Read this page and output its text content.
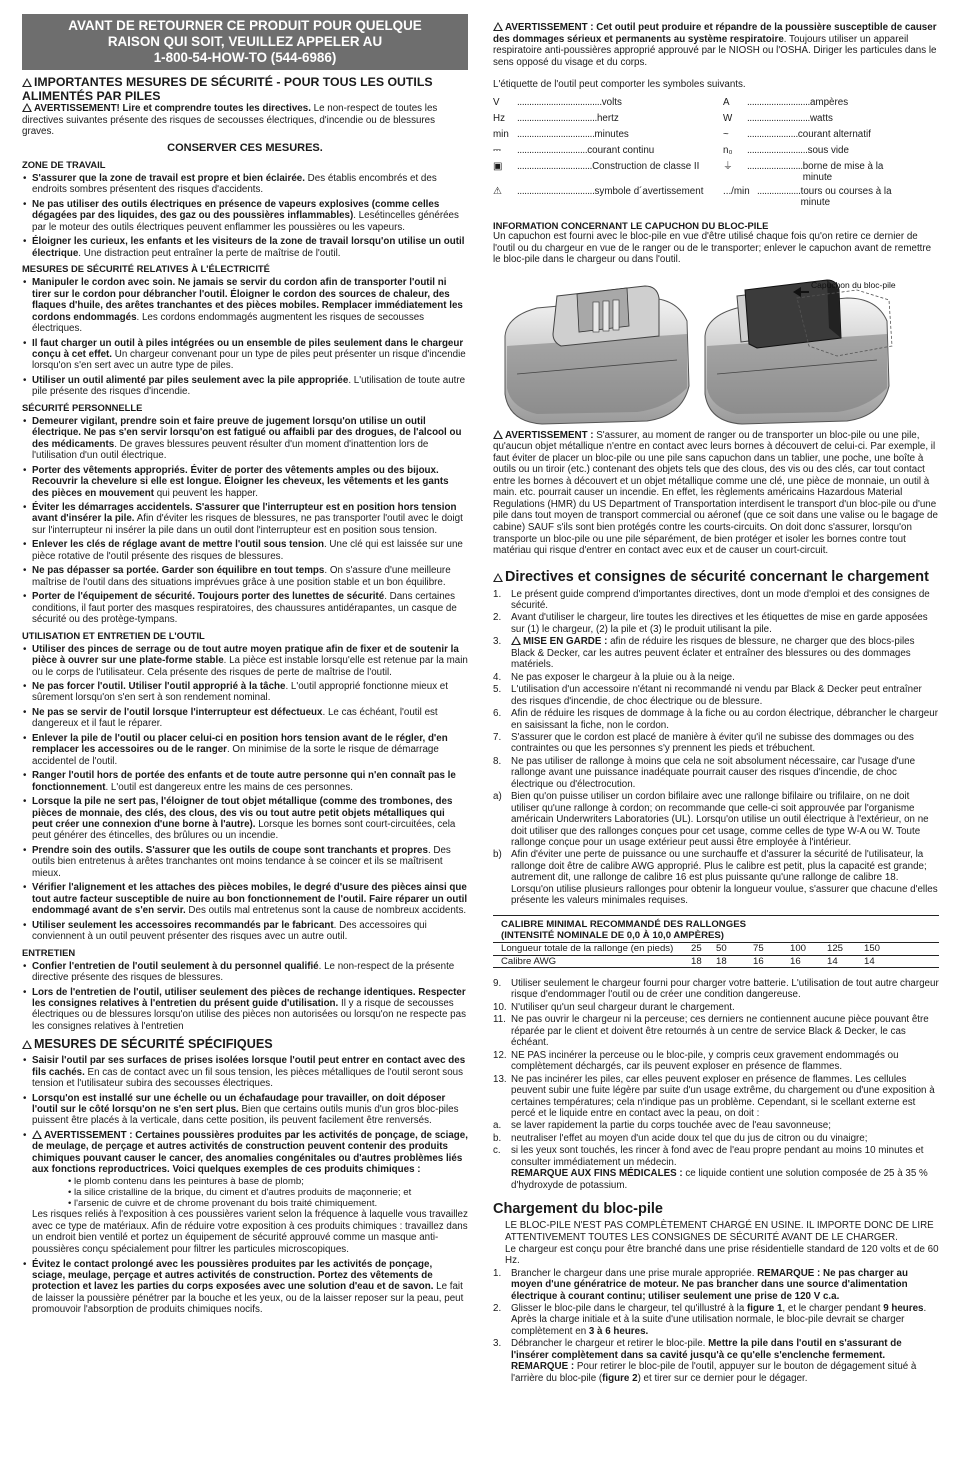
AVANT DE RETOURNER CE PRODUIT POUR QUELQUE
RAISON QUI SOIT, VEUILLEZ APPELER AU
1-800-54-HOW-TO (544-6986)
IMPORTANTES MESURES DE SÉCURITÉ - POUR TOUS LES OUTILS ALIMENTÉS PAR PILES

AVERTISSEMENT! Lire et comprendre toutes les directives. Le non-respect de toutes les directives suivantes présente des risques de secousses électriques, d'incendie ou de blessures graves.

CONSERVER CES MESURES.
ZONE DE TRAVAIL
• S'assurer que la zone de travail est propre et bien éclairée. Des établis encombrés et des endroits sombres présentent des risques d'accidents.
• Ne pas utiliser des outils électriques en présence de vapeurs explosives (comme celles dégagées par des liquides, des gaz ou des poussières inflammables). Lesétincelles générées par le moteur des outils électriques peuvent enflammer les poussières ou les vapeurs.
• Éloigner les curieux, les enfants et les visiteurs de la zone de travail lorsqu'on utilise un outil électrique. Une distraction peut entraîner la perte de maîtrise de l'outil.
MESURES DE SÉCURITÉ RELATIVES À L'ÉLECTRICITÉ
• Manipuler le cordon avec soin. Ne jamais se servir du cordon afin de transporter l'outil ni tirer sur le cordon pour débrancher l'outil. Éloigner le cordon des sources de chaleur, des flaques d'huile, des arêtes tranchantes et des pièces mobiles. Remplacer immédiatement les cordons endommagés. Les cordons endommagés augmentent les risques de secousses électriques.
• Il faut charger un outil à piles intégrées ou un ensemble de piles seulement dans le chargeur conçu à cet effet. Un chargeur convenant pour un type de piles peut présenter un risque d'incendie lorsqu'on s'en sert avec un autre type de piles.
• Utiliser un outil alimenté par piles seulement avec la pile appropriée. L'utilisation de toute autre pile présente des risques d'incendie.
SÉCURITÉ PERSONNELLE
• Demeurer vigilant, prendre soin et faire preuve de jugement lorsqu'on utilise un outil électrique. Ne pas s'en servir lorsqu'on est fatigué ou affaibli par des drogues, de l'alcool ou des médicaments. De graves blessures peuvent résulter d'un moment d'inattention lors de l'utilisation d'un outil électrique.
• Porter des vêtements appropriés. Éviter de porter des vêtements amples ou des bijoux. Recouvrir la chevelure si elle est longue. Éloigner les cheveux, les vêtements et les gants des pièces en mouvement qui peuvent les happer.
• Éviter les démarrages accidentels. S'assurer que l'interrupteur est en position hors tension avant d'insérer la pile. Afin d'éviter les risques de blessures, ne pas transporter l'outil avec le doigt sur l'interrupteur ni insérer la pile dans un outil dont l'interrupteur est en position sous tension.
• Enlever les clés de réglage avant de mettre l'outil sous tension. Une clé qui est laissée sur une pièce rotative de l'outil présente des risques de blessures.
• Ne pas dépasser sa portée. Garder son équilibre en tout temps. On s'assure d'une meilleure maîtrise de l'outil dans des situations imprévues grâce à une position stable et un bon équilibre.
• Porter de l'équipement de sécurité. Toujours porter des lunettes de sécurité. Dans certaines conditions, il faut porter des masques respiratoires, des chaussures antidérapantes, un casque de sécurité ou des protège-tympans.
UTILISATION ET ENTRETIEN DE L'OUTIL
• Utiliser des pinces de serrage ou de tout autre moyen pratique afin de fixer et de soutenir la pièce à ouvrer sur une plate-forme stable. La pièce est instable lorsqu'elle est retenue par la main ou le corps de l'utilisateur. Cela présente des risques de perte de maîtrise de l'outil.
• Ne pas forcer l'outil. Utiliser l'outil approprié à la tâche. L'outil approprié fonctionne mieux et sûrement lorsqu'on s'en sert à son rendement nominal.
• Ne pas se servir de l'outil lorsque l'interrupteur est défectueux. Le cas échéant, l'outil est dangereux et il faut le réparer.
• Enlever la pile de l'outil ou placer celui-ci en position hors tension avant de le régler, d'en remplacer les accessoires ou de le ranger. On minimise de la sorte le risque de démarrage accidentel de l'outil.
• Ranger l'outil hors de portée des enfants et de toute autre personne qui n'en connaît pas le fonctionnement. L'outil est dangereux entre les mains de ces personnes.
• Lorsque la pile ne sert pas, l'éloigner de tout objet métallique (comme des trombones, des pièces de monnaie, des clés, des clous, des vis ou tout autre petit objets métalliques qui peut créer une connexion d'une borne à l'autre). Lorsque les bornes sont court-circuitées, cela peut générer des étincelles, des brûlures ou un incendie.
• Prendre soin des outils. S'assurer que les outils de coupe sont tranchants et propres. Des outils bien entretenus à arêtes tranchantes ont moins tendance à se coincer et ils se maîtrisent mieux.
• Vérifier l'alignement et les attaches des pièces mobiles, le degré d'usure des pièces ainsi que tout autre facteur susceptible de nuire au bon fonctionnement de l'outil. Faire réparer un outil endommagé avant de s'en servir. Des outils mal entretenus sont la cause de nombreux accidents.
• Utiliser seulement les accessoires recommandés par le fabricant. Des accessoires qui conviennent à un outil peuvent présenter des risques avec un autre outil.
ENTRETIEN
• Confier l'entretien de l'outil seulement à du personnel qualifié. Le non-respect de la présente directive présente des risques de blessures.
• Lors de l'entretien de l'outil, utiliser seulement des pièces de rechange identiques. Respecter les consignes relatives à l'entretien du présent guide d'utilisation. Il y a risque de secousses électriques ou de blessures lorsqu'on utilise des pièces non autorisées ou lorsqu'on ne respecte pas les consignes relatives à l'entretien
MESURES DE SÉCURITÉ SPÉCIFIQUES
• Saisir l'outil par ses surfaces de prises isolées lorsque l'outil peut entrer en contact avec des fils cachés. En cas de contact avec un fil sous tension, les pièces métalliques de l'outil seront sous tension et l'utilisateur subira des secousses électriques.
• Lorsqu'on est installé sur une échelle ou un échafaudage pour travailler, on doit déposer l'outil sur le côté lorsqu'on ne s'en sert plus. Bien que certains outils munis d'un gros bloc-piles puissent être placés à la verticale, dans cette position, ils peuvent facilement être renversés.
• AVERTISSEMENT : Certaines poussières produites par les activités de ponçage, de sciage, de meulage, de perçage et autres activités de construction peuvent contenir des produits chimiques pouvant causer le cancer, des anomalies congénitales ou d'autres problèmes liés aux fonctions reproductrices. Voici quelques exemples de ces produits chimiques :
• le plomb contenu dans les peintures à base de plomb;
• la silice cristalline de la brique, du ciment et d'autres produits de maçonnerie; et
• l'arsenic de cuivre et de chrome provenant du bois traité chimiquement.

Les risques reliés à l'exposition à ces poussières varient selon la fréquence à laquelle vous travaillez avec ce type de matériaux. Afin de réduire votre exposition à ces produits chimiques : travaillez dans un endroit bien ventilé et portez un équipement de sécurité approuvé comme un masque anti-poussières conçu spécialement pour filtrer les particules microscopiques.

• Évitez le contact prolongé avec les poussières produites par les activités de ponçage, sciage, meulage, perçage et autres activités de construction. Portez des vêtements de protection et lavez les parties du corps exposées avec une solution d'eau et de savon. Le fait de laisser la poussière pénétrer par la bouche et les yeux, ou de la laisser reposer sur la peau, peut promouvoir l'absorption de produits chimiques nocifs.

AVERTISSEMENT : Cet outil peut produire et répandre de la poussière susceptible de causer des dommages sérieux et permanents au système respiratoire. Toujours utiliser un appareil respiratoire anti-poussières approprié approuvé par le NIOSH ou l'OSHA. Diriger les particules dans le sens opposé du visage et du corps.

L'étiquette de l'outil peut comporter les symboles suivants.

V	................................... volts	A	.......................... ampères
Hz	................................. hertz	W	.......................... watts
min ................................ minutes	~	..................... courant alternatif
⎓	............................. courant continu	n₀	......................... sous vide
▣	............................... Construction de classe II ⏚	....................... borne de mise à la minute
⚠	................................ symbole d´avertissement .../min .................. tours ou courses à la minute
INFORMATION CONCERNANT LE CAPUCHON DU BLOC-PILE

Un capuchon est fourni avec le bloc-pile en vue d'être utilisé chaque fois qu'on retire ce dernier de l'outil ou du chargeur en vue de le ranger ou de le transporter; enlever le capuchon avant de remettre le bloc-pile dans le chargeur ou dans l'outil.

Capuchon du bloc-pile

AVERTISSEMENT : S'assurer, au moment de ranger ou de transporter un bloc-pile ou une pile, qu'aucun objet métallique n'entre en contact avec leurs bornes à découvert de celui-ci. Par exemple, il faut éviter de placer un bloc-pile ou une pile sans capuchon dans un tablier, une poche, une boîte à outils ou un tiroir (etc.) contenant des objets tels que des clous, des vis ou des clés, car tout contact entre les bornes à découvert et un objet métallique comme une clé, une pièce de monnaie, un outil à main. etc. pourrait causer un incendie. En effet, les règlements américains Hazardous Material Regulations (HMR) du US Department of Transportation interdisent le transport d'un bloc-pile ou d'une pile dans tout moyen de transport commercial ou aéronef (que ce soit dans une valise ou le bagage de cabine) SAUF s'ils sont bien protégés contre les courts-circuits. On doit donc s'assurer, lorsqu'on transporte un bloc-pile ou une pile séparément, de bien protéger et isoler les bornes contre tout matériau qui risque d'entrer en contact avec eux et de causer un court-circuit.

Directives et consignes de sécurité concernant le chargement
1. Le présent guide comprend d'importantes directives, dont un mode d'emploi et des consignes de sécurité.
2. Avant d'utiliser le chargeur, lire toutes les directives et les étiquettes de mise en garde apposées sur (1) le chargeur, (2) la pile et (3) le produit utilisant la pile.
3. MISE EN GARDE : afin de réduire les risques de blessure, ne charger que des blocs-piles Black & Decker, car les autres peuvent éclater et entraîner des blessures ou des dommages matériels.
4. Ne pas exposer le chargeur à la pluie ou à la neige.
5. L'utilisation d'un accessoire n'étant ni recommandé ni vendu par Black & Decker peut entraîner des risques d'incendie, de choc électrique ou de blessure.
6. Afin de réduire les risques de dommage à la fiche ou au cordon électrique, débrancher le chargeur en saisissant la fiche, non le cordon.
7. S'assurer que le cordon est placé de manière à éviter qu'il ne subisse des dommages ou des contraintes ou que les personnes s'y prennent les pieds et trébuchent.
8. Ne pas utiliser de rallonge à moins que cela ne soit absolument nécessaire, car l'usage d'une rallonge avant une puissance inadéquate pourrait causer des risques d'incendie, de choc électrique ou d'électrocution.
a) Bien qu'on puisse utiliser un cordon bifilaire avec une rallonge bifilaire ou trifilaire, on ne doit utiliser qu'une rallonge à cordon; on recommande que celle-ci soit approuvée par l'organisme américain Underwriters Laboratories (UL). Lorsqu'on utilise un outil électrique à l'extérieur, on ne doit utiliser que des rallonges conçues pour cet usage, comme celles de type W-A ou W. Toute rallonge conçue pour un usage extérieur peut aussi être employée à l'intérieur.
b) Afin d'éviter une perte de puissance ou une surchauffe et d'assurer la sécurité de l'utilisateur, la rallonge doit être de calibre AWG approprié. Plus le calibre est petit, plus la capacité est grande; autrement dit, une rallonge de calibre 16 est plus puissante qu'une rallonge de calibre 18. Lorsqu'on utilise plusieurs rallonges pour obtenir la longueur voulue, s'assurer que chacune d'elles présente les valeurs minimales requises.
CALIBRE MINIMAL RECOMMANDÉ DES RALLONGES
(INTENSITÉ NOMINALE DE 0,0 À 10,0 AMPÈRES)
Longueur totale de la rallonge (en pieds)	25	50	75	100	125	150
Calibre AWG	18	18	16	16	14	14
9. Utiliser seulement le chargeur fourni pour charger votre batterie. L'utilisation de tout autre chargeur risque d'endommager l'outil ou de créer une condition dangereuse.
10. N'utiliser qu'un seul chargeur durant le chargement.
11. Ne pas ouvrir le chargeur ni la perceuse; ces derniers ne contiennent aucune pièce pouvant être réparée par le client et doivent être retournés à un centre de service Black & Decker, le cas échéant.
12. NE PAS incinérer la perceuse ou le bloc-pile, y compris ceux gravement endommagés ou complètement déchargés, car ils peuvent exploser en présence de flammes.
13. Ne pas incinérer les piles, car elles peuvent exploser en présence de flammes. Les cellules peuvent subir une fuite légère par suite d'un usage extrême, du chargement ou d'une exposition à certaines températures; cela n'indique pas un problème. Cependant, si le scellant externe est percé et le liquide entre en contact avec la peau, on doit :
a. se laver rapidement la partie du corps touchée avec de l'eau savonneuse;
b. neutraliser l'effet au moyen d'un acide doux tel que du jus de citron ou du vinaigre;
c. si les yeux sont touchés, les rincer à fond avec de l'eau propre pendant au moins 10 minutes et consulter immédiatement un médecin.

REMARQUE AUX FINS MÉDICALES : ce liquide contient une solution composée de 25 à 35 % d'hydroxyde de potassium.

Chargement du bloc-pile

LE BLOC-PILE N'EST PAS COMPLÈTEMENT CHARGÉ EN USINE. IL IMPORTE DONC DE LIRE ATTENTIVEMENT TOUTES LES CONSIGNES DE SÉCURITÉ AVANT DE LE CHARGER.

Le chargeur est conçu pour être branché dans une prise résidentielle standard de 120 volts et de 60 Hz.

1. Brancher le chargeur dans une prise murale appropriée. REMARQUE : Ne pas charger au moyen d'une génératrice de moteur. Ne pas brancher dans une source d'alimentation électrique à courant continu; utiliser seulement une prise de 120 V c.a.
2. Glisser le bloc-pile dans le chargeur, tel qu'illustré à la figure 1, et le charger pendant 9 heures. Après la charge initiale et à la suite d'une utilisation normale, le bloc-pile devrait se charger complètement en 3 à 6 heures.
3. Débrancher le chargeur et retirer le bloc-pile. Mettre la pile dans l'outil en s'assurant de l'insérer complètement dans sa cavité jusqu'à ce qu'elle s'enclenche fermement.
REMARQUE : Pour retirer le bloc-pile de l'outil, appuyer sur le bouton de dégagement situé à l'arrière du bloc-pile (figure 2) et tirer sur ce dernier pour le dégager.
